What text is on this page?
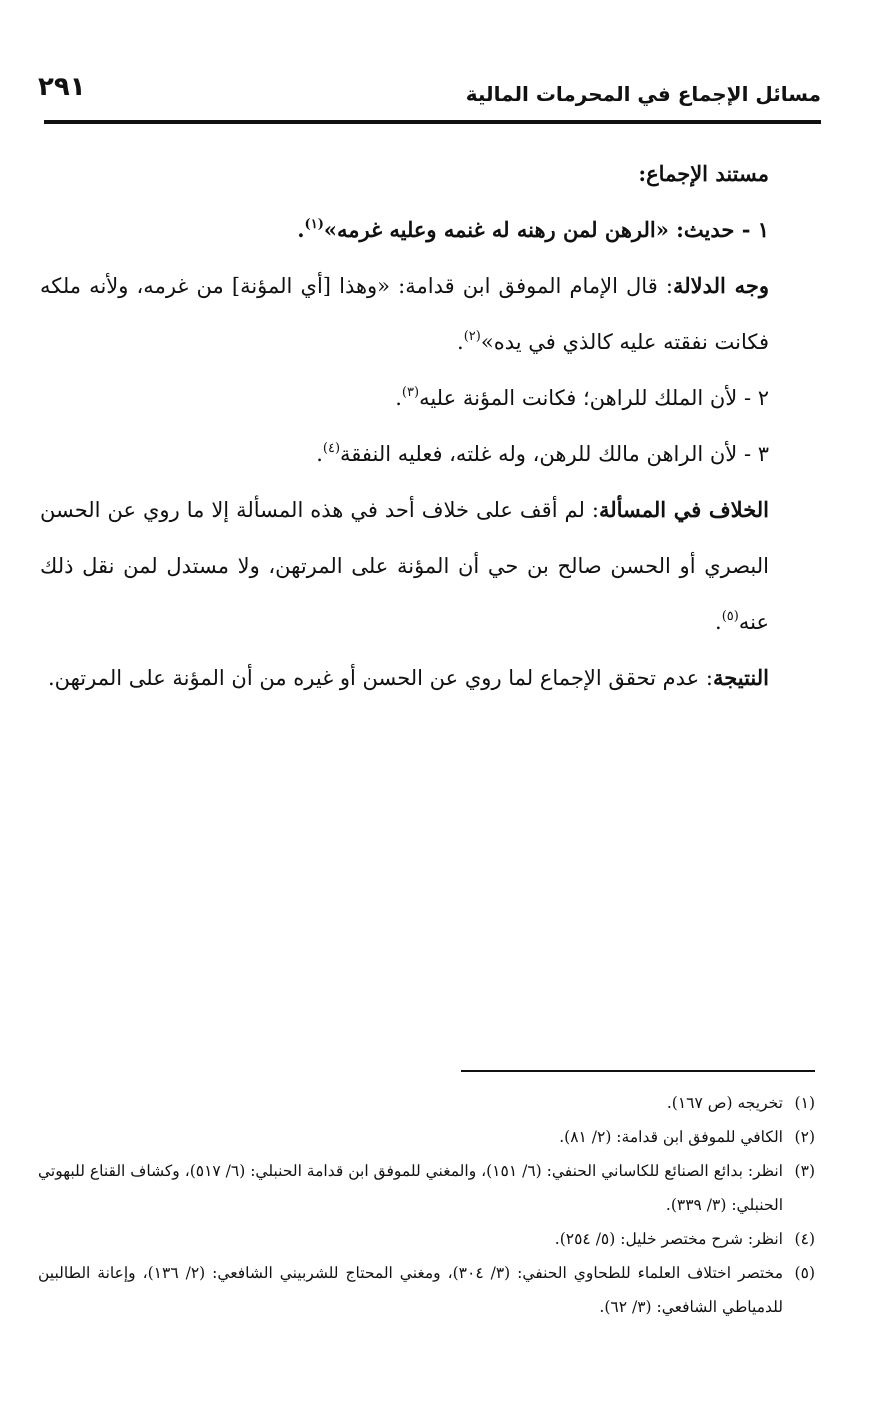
٢٩١	مسائل الإجماع في المحرمات المالية

مستند الإجماع:

١ - حديث: «الرهن لمن رهنه له غنمه وعليه غرمه»$^{(١)}$.

وجه الدلالة: قال الإمام الموفق ابن قدامة: «وهذا [أي المؤنة] من غرمه، ولأنه ملكه فكانت نفقته عليه كالذي في يده»$^{(٢)}$.

٢ - لأن الملك للراهن؛ فكانت المؤنة عليه$^{(٣)}$.

٣ - لأن الراهن مالك للرهن، وله غلته، فعليه النفقة$^{(٤)}$.

الخلاف في المسألة: لم أقف على خلاف أحد في هذه المسألة إلا ما روي عن الحسن البصري أو الحسن صالح بن حي أن المؤنة على المرتهن، ولا مستدل لمن نقل ذلك عنه$^{(٥)}$.

النتيجة: عدم تحقق الإجماع لما روي عن الحسن أو غيره من أن المؤنة على المرتهن.

(١)
تخريجه (ص ١٦٧).

(٢)
الكافي للموفق ابن قدامة: (٢/ ٨١).

(٣)
انظر: بدائع الصنائع للكاساني الحنفي: (٦/ ١٥١)، والمغني للموفق ابن قدامة الحنبلي: (٦/ ٥١٧)، وكشاف القناع للبهوتي الحنبلي: (٣/ ٣٣٩).

(٤)
انظر: شرح مختصر خليل: (٥/ ٢٥٤).

(٥)
مختصر اختلاف العلماء للطحاوي الحنفي: (٣/ ٣٠٤)، ومغني المحتاج للشربيني الشافعي: (٢/ ١٣٦)، وإعانة الطالبين للدمياطي الشافعي: (٣/ ٦٢).
